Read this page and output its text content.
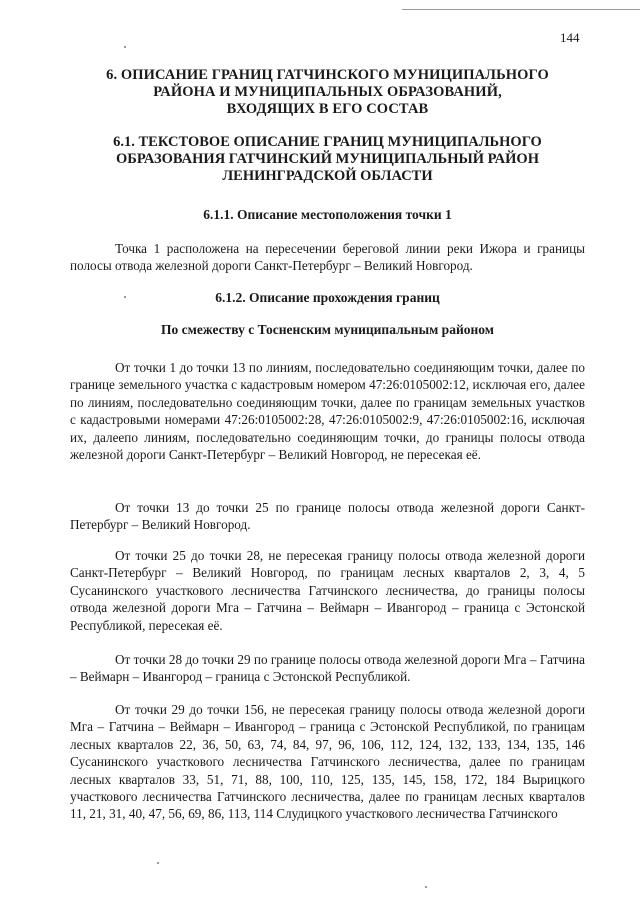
144
6. ОПИСАНИЕ ГРАНИЦ ГАТЧИНСКОГО МУНИЦИПАЛЬНОГО
РАЙОНА И МУНИЦИПАЛЬНЫХ ОБРАЗОВАНИЙ,
ВХОДЯЩИХ В ЕГО СОСТАВ
6.1. ТЕКСТОВОЕ ОПИСАНИЕ ГРАНИЦ МУНИЦИПАЛЬНОГО
ОБРАЗОВАНИЯ ГАТЧИНСКИЙ МУНИЦИПАЛЬНЫЙ РАЙОН
ЛЕНИНГРАДСКОЙ ОБЛАСТИ
6.1.1. Описание местоположения точки 1

Точка 1 расположена на пересечении береговой линии реки Ижора и границы полосы отвода железной дороги Санкт-Петербург – Великий Новгород.

6.1.2. Описание прохождения границ
По смежеству с Тосненским муниципальным районом

От точки 1 до точки 13 по линиям, последовательно соединяющим точки, далее по границе земельного участка с кадастровым номером 47:26:0105002:12, исключая его, далее по линиям, последовательно соединяющим точки, далее по границам земельных участков с кадастровыми номерами 47:26:0105002:28, 47:26:0105002:9, 47:26:0105002:16, исключая их, далеепо линиям, последовательно соединяющим точки, до границы полосы отвода железной дороги Санкт-Петербург – Великий Новгород, не пересекая её.

От точки 13 до точки 25 по границе полосы отвода железной дороги Санкт-Петербург – Великий Новгород.

От точки 25 до точки 28, не пересекая границу полосы отвода железной дороги Санкт-Петербург – Великий Новгород, по границам лесных кварталов 2, 3, 4, 5 Сусанинского участкового лесничества Гатчинского лесничества, до границы полосы отвода железной дороги Мга – Гатчина – Веймарн – Ивангород – граница с Эстонской Республикой, пересекая её.

От точки 28 до точки 29 по границе полосы отвода железной дороги Мга – Гатчина – Веймарн – Ивангород – граница с Эстонской Республикой.

От точки 29 до точки 156, не пересекая границу полосы отвода железной дороги Мга – Гатчина – Веймарн – Ивангород – граница с Эстонской Республикой, по границам лесных кварталов 22, 36, 50, 63, 74, 84, 97, 96, 106, 112, 124, 132, 133, 134, 135, 146 Сусанинского участкового лесничества Гатчинского лесничества, далее по границам лесных кварталов 33, 51, 71, 88, 100, 110, 125, 135, 145, 158, 172, 184 Вырицкого участкового лесничества Гатчинского лесничества, далее по границам лесных кварталов 11, 21, 31, 40, 47, 56, 69, 86, 113, 114 Слудицкого участкового лесничества Гатчинского
